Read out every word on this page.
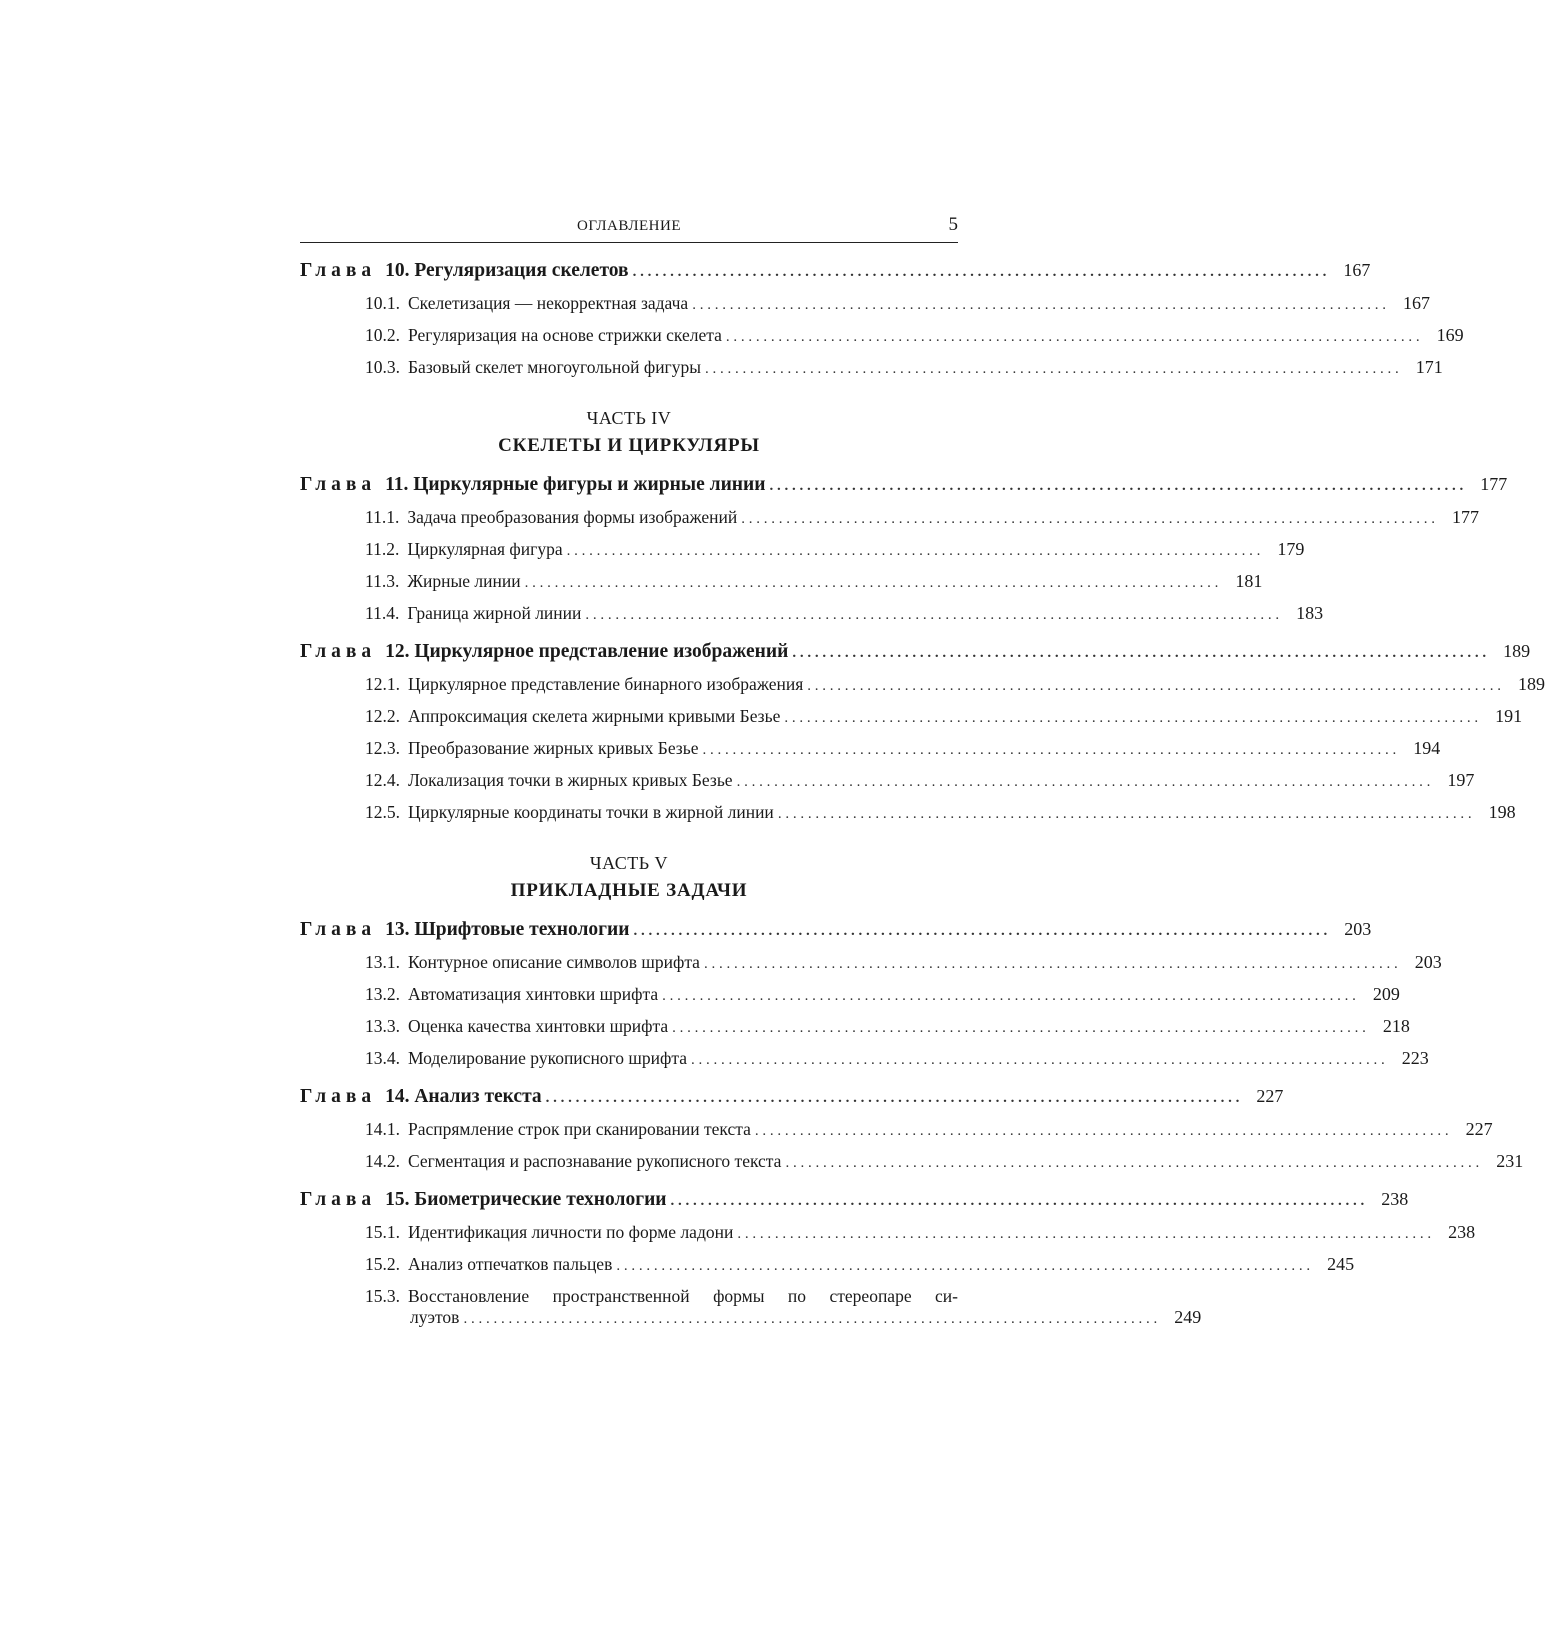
ОГЛАВЛЕНИЕ	5
Глава 10. Регуляризация скелетов . . .	167
10.1. Скелетизация — некорректная задача . . .	167
10.2. Регуляризация на основе стрижки скелета . . .	169
10.3. Базовый скелет многоугольной фигуры . . .	171
ЧАСТЬ IV
СКЕЛЕТЫ И ЦИРКУЛЯРЫ
Глава 11. Циркулярные фигуры и жирные линии . . .	177
11.1. Задача преобразования формы изображений . . .	177
11.2. Циркулярная фигура . . .	179
11.3. Жирные линии . . .	181
11.4. Граница жирной линии . . .	183
Глава 12. Циркулярное представление изображений . . .	189
12.1. Циркулярное представление бинарного изображения . . .	189
12.2. Аппроксимация скелета жирными кривыми Безье . . .	191
12.3. Преобразование жирных кривых Безье . . .	194
12.4. Локализация точки в жирных кривых Безье . . .	197
12.5. Циркулярные координаты точки в жирной линии . . .	198
ЧАСТЬ V
ПРИКЛАДНЫЕ ЗАДАЧИ
Глава 13. Шрифтовые технологии . . .	203
13.1. Контурное описание символов шрифта . . .	203
13.2. Автоматизация хинтовки шрифта . . .	209
13.3. Оценка качества хинтовки шрифта . . .	218
13.4. Моделирование рукописного шрифта . . .	223
Глава 14. Анализ текста . . .	227
14.1. Распрямление строк при сканировании текста . . .	227
14.2. Сегментация и распознавание рукописного текста . . .	231
Глава 15. Биометрические технологии . . .	238
15.1. Идентификация личности по форме ладони . . .	238
15.2. Анализ отпечатков пальцев . . .	245
15.3. Восстановление пространственной формы по стереопаре си-
луэтов . . .	249
